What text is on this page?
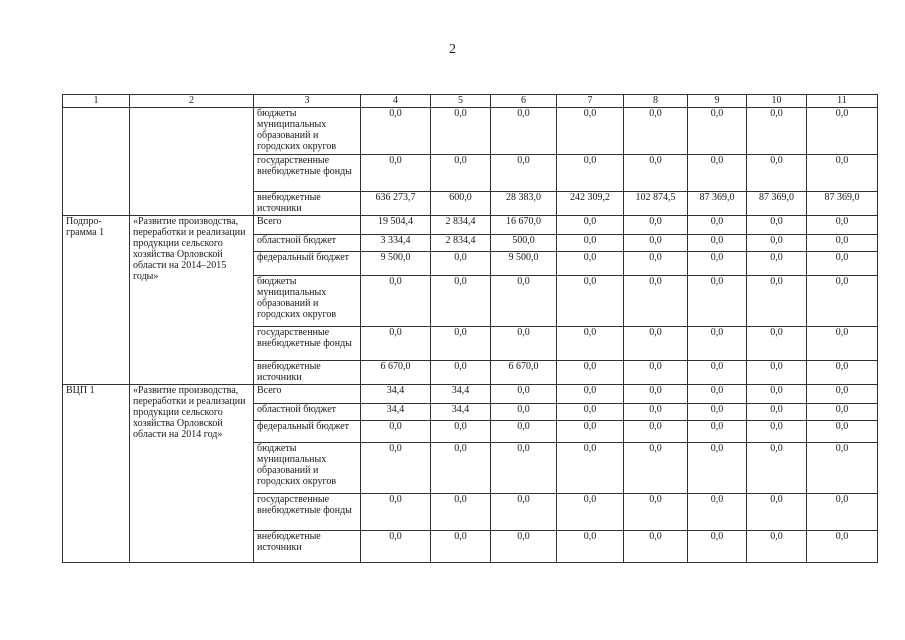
2
1	2	3	4	5	6	7	8	9	10	11
		бюджеты муниципальных образований и городских округов	0,0	0,0	0,0	0,0	0,0	0,0	0,0	0,0
		государственные внебюджетные фонды	0,0	0,0	0,0	0,0	0,0	0,0	0,0	0,0
		внебюджетные источники	636 273,7	600,0	28 383,0	242 309,2	102 874,5	87 369,0	87 369,0	87 369,0
Подпро-грамма 1	«Развитие производства, переработки и реализации продукции сельского хозяйства Орловской области на 2014–2015 годы»	Всего	19 504,4	2 834,4	16 670,0	0,0	0,0	0,0	0,0	0,0
		областной бюджет	3 334,4	2 834,4	500,0	0,0	0,0	0,0	0,0	0,0
		федеральный бюджет	9 500,0	0,0	9 500,0	0,0	0,0	0,0	0,0	0,0
		бюджеты муниципальных образований и городских округов	0,0	0,0	0,0	0,0	0,0	0,0	0,0	0,0
		государственные внебюджетные фонды	0,0	0,0	0,0	0,0	0,0	0,0	0,0	0,0
		внебюджетные источники	6 670,0	0,0	6 670,0	0,0	0,0	0,0	0,0	0,0
ВЦП 1	«Развитие производства, переработки и реализации продукции сельского хозяйства Орловской области на 2014 год»	Всего	34,4	34,4	0,0	0,0	0,0	0,0	0,0	0,0
		областной бюджет	34,4	34,4	0,0	0,0	0,0	0,0	0,0	0,0
		федеральный бюджет	0,0	0,0	0,0	0,0	0,0	0,0	0,0	0,0
		бюджеты муниципальных образований и городских округов	0,0	0,0	0,0	0,0	0,0	0,0	0,0	0,0
		государственные внебюджетные фонды	0,0	0,0	0,0	0,0	0,0	0,0	0,0	0,0
		внебюджетные источники	0,0	0,0	0,0	0,0	0,0	0,0	0,0	0,0
